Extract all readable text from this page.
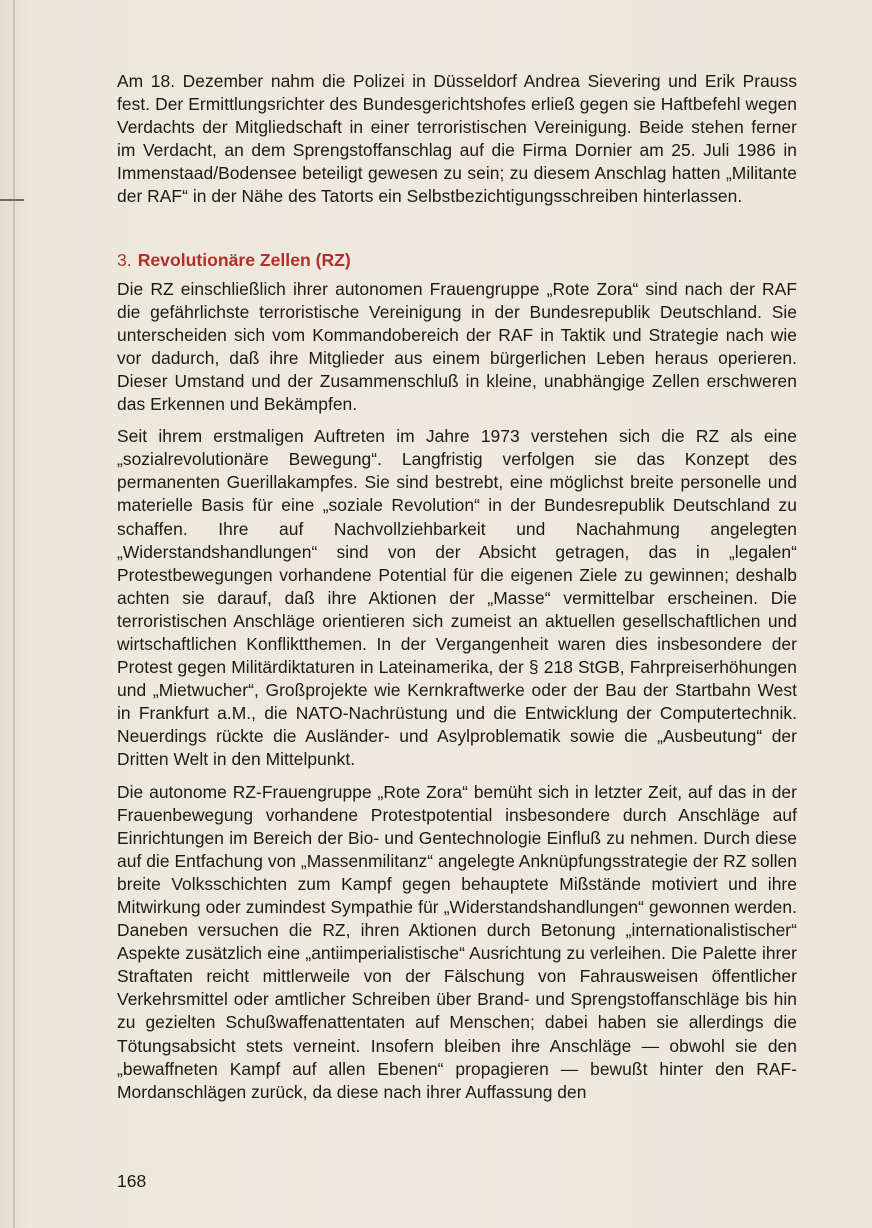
Am 18. Dezember nahm die Polizei in Düsseldorf Andrea Sievering und Erik Prauss fest. Der Ermittlungsrichter des Bundesgerichtshofes erließ gegen sie Haftbefehl wegen Verdachts der Mitgliedschaft in einer terroristischen Vereinigung. Beide stehen ferner im Verdacht, an dem Sprengstoffanschlag auf die Firma Dornier am 25. Juli 1986 in Immenstaad/Bodensee beteiligt gewesen zu sein; zu diesem Anschlag hatten „Militante der RAF“ in der Nähe des Tatorts ein Selbstbezichtigungsschreiben hinterlassen.

3. Revolutionäre Zellen (RZ)

Die RZ einschließlich ihrer autonomen Frauengruppe „Rote Zora“ sind nach der RAF die gefährlichste terroristische Vereinigung in der Bundesrepublik Deutschland. Sie unterscheiden sich vom Kommandobereich der RAF in Taktik und Strategie nach wie vor dadurch, daß ihre Mitglieder aus einem bürgerlichen Leben heraus operieren. Dieser Umstand und der Zusammenschluß in kleine, unabhängige Zellen erschweren das Erkennen und Bekämpfen.

Seit ihrem erstmaligen Auftreten im Jahre 1973 verstehen sich die RZ als eine „sozialrevolutionäre Bewegung“. Langfristig verfolgen sie das Konzept des permanenten Guerillakampfes. Sie sind bestrebt, eine möglichst breite personelle und materielle Basis für eine „soziale Revolution“ in der Bundesrepublik Deutschland zu schaffen. Ihre auf Nachvollziehbarkeit und Nachahmung angelegten „Widerstandshandlungen“ sind von der Absicht getragen, das in „legalen“ Protestbewegungen vorhandene Potential für die eigenen Ziele zu gewinnen; deshalb achten sie darauf, daß ihre Aktionen der „Masse“ vermittelbar erscheinen. Die terroristischen Anschläge orientieren sich zumeist an aktuellen gesellschaftlichen und wirtschaftlichen Konfliktthemen. In der Vergangenheit waren dies insbesondere der Protest gegen Militärdiktaturen in Lateinamerika, der § 218 StGB, Fahrpreiserhöhungen und „Mietwucher“, Großprojekte wie Kernkraftwerke oder der Bau der Startbahn West in Frankfurt a.M., die NATO-Nachrüstung und die Entwicklung der Computertechnik. Neuerdings rückte die Ausländer- und Asylproblematik sowie die „Ausbeutung“ der Dritten Welt in den Mittelpunkt.

Die autonome RZ-Frauengruppe „Rote Zora“ bemüht sich in letzter Zeit, auf das in der Frauenbewegung vorhandene Protestpotential insbesondere durch Anschläge auf Einrichtungen im Bereich der Bio- und Gentechnologie Einfluß zu nehmen. Durch diese auf die Entfachung von „Massenmilitanz“ angelegte Anknüpfungsstrategie der RZ sollen breite Volksschichten zum Kampf gegen behauptete Mißstände motiviert und ihre Mitwirkung oder zumindest Sympathie für „Widerstandshandlungen“ gewonnen werden. Daneben versuchen die RZ, ihren Aktionen durch Betonung „internationalistischer“ Aspekte zusätzlich eine „antiimperialistische“ Ausrichtung zu verleihen. Die Palette ihrer Straftaten reicht mittlerweile von der Fälschung von Fahrausweisen öffentlicher Verkehrsmittel oder amtlicher Schreiben über Brand- und Sprengstoffanschläge bis hin zu gezielten Schußwaffenattentaten auf Menschen; dabei haben sie allerdings die Tötungsabsicht stets verneint. Insofern bleiben ihre Anschläge — obwohl sie den „bewaffneten Kampf auf allen Ebenen“ propagieren — bewußt hinter den RAF-Mordanschlägen zurück, da diese nach ihrer Auffassung den

168
